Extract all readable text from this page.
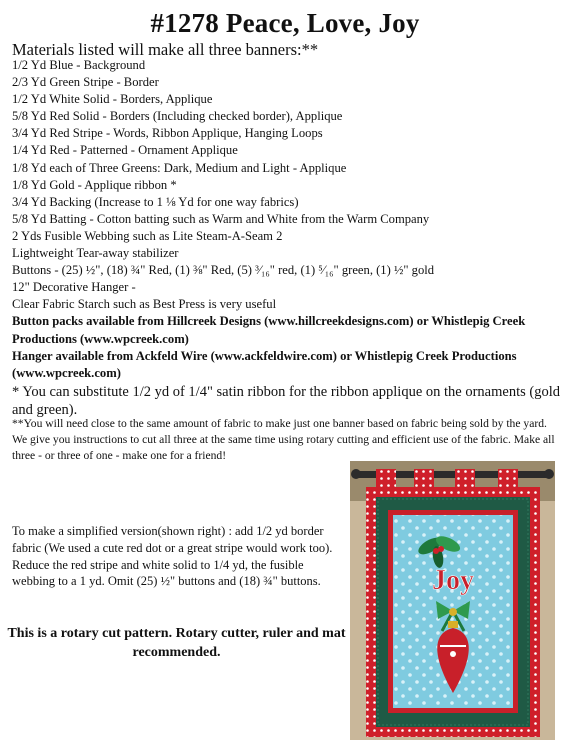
#1278 Peace, Love, Joy
Materials listed will make all three banners:**
1/2 Yd Blue - Background
2/3 Yd Green Stripe - Border
1/2 Yd White Solid - Borders, Applique
5/8 Yd Red Solid - Borders (Including checked border), Applique
3/4 Yd Red Stripe - Words, Ribbon Applique, Hanging Loops
1/4 Yd Red - Patterned - Ornament Applique
1/8 Yd each of Three Greens: Dark, Medium and Light - Applique
1/8 Yd Gold - Applique ribbon *
3/4 Yd Backing (Increase to 1 ⅛ Yd for one way fabrics)
5/8 Yd Batting - Cotton batting such as Warm and White from the Warm Company
2 Yds Fusible Webbing such as Lite Steam-A-Seam 2
Lightweight Tear-away stabilizer
Buttons - (25) ½", (18) ¾" Red, (1) ⅜" Red, (5) ³⁄₁₆" red, (1) ⁵⁄₁₆" green, (1) ½" gold
12" Decorative Hanger -
Clear Fabric Starch such as Best Press is very useful
Button packs available from Hillcreek Designs (www.hillcreekdesigns.com) or Whistlepig Creek Productions (www.wpcreek.com)
Hanger available from Ackfeld Wire (www.ackfeldwire.com) or Whistlepig Creek Productions (www.wpcreek.com)
* You can substitute 1/2 yd of 1/4" satin ribbon for the ribbon applique on the ornaments (gold and green).
**You will need close to the same amount of fabric to make just one banner based on fabric being sold by the yard. We give you instructions to cut all three at the same time using rotary cutting and efficient use of the fabric. Make all three - or three of one - make one for a friend!
To make a simplified version(shown right) : add 1/2 yd border fabric (We used a cute red dot or a great stripe would work too). Reduce the red stripe and white solid to 1/4 yd, the fusible webbing to a 1 yd. Omit (25) ½" buttons and (18) ¾" buttons.
This is a rotary cut pattern. Rotary cutter, ruler and mat recommended.
Joy
